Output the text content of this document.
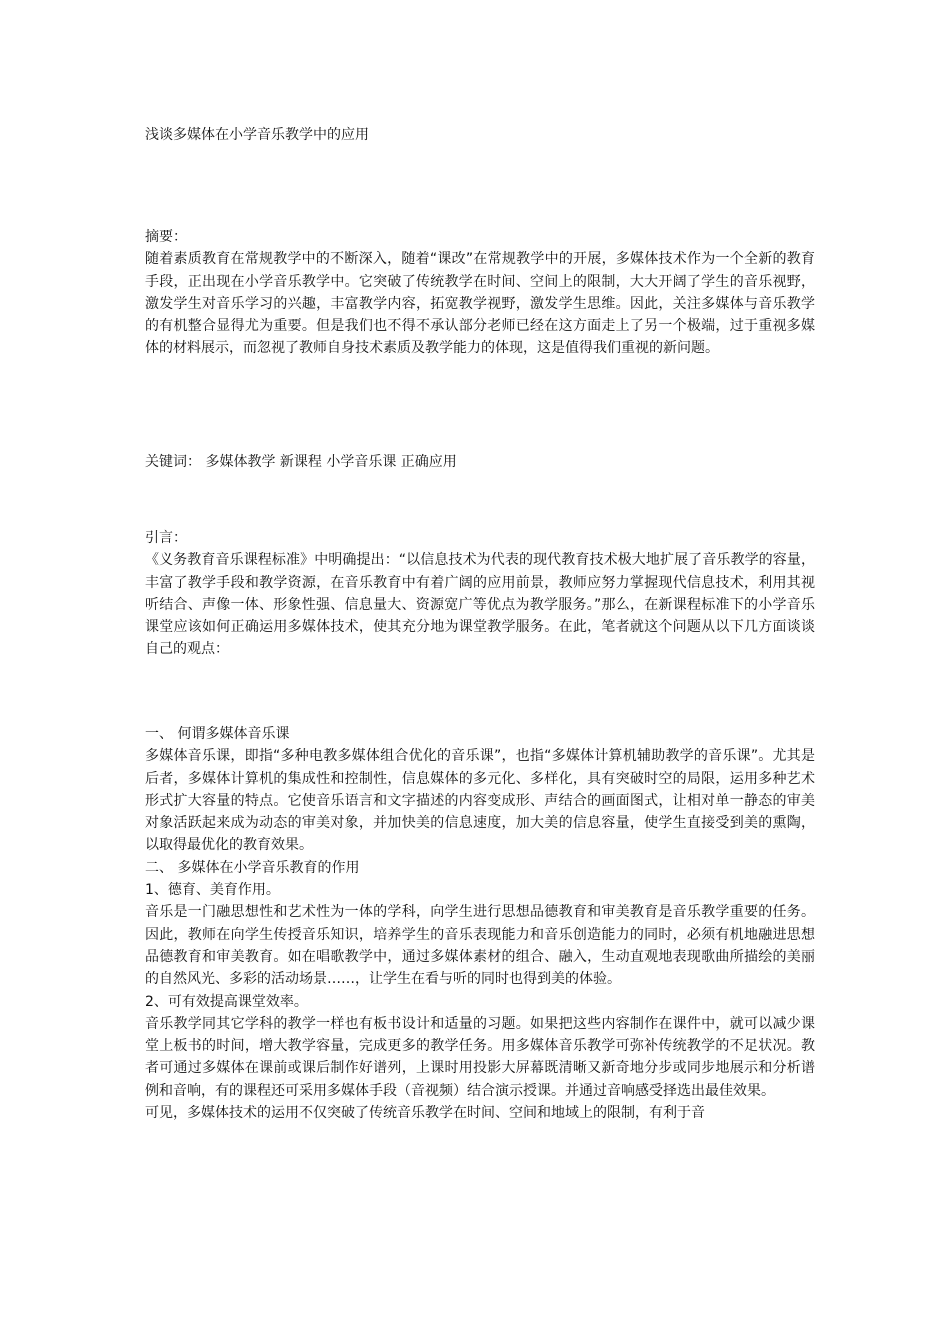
浅谈多媒体在小学音乐教学中的应用
摘要：
随着素质教育在常规教学中的不断深入，随着“课改”在常规教学中的开展，多媒体技术作为一个全新的教育手段，正出现在小学音乐教学中。它突破了传统教学在时间、空间上的限制，大大开阔了学生的音乐视野，激发学生对音乐学习的兴趣，丰富教学内容，拓宽教学视野，激发学生思维。因此，关注多媒体与音乐教学的有机整合显得尤为重要。但是我们也不得不承认部分老师已经在这方面走上了另一个极端，过于重视多媒体的材料展示，而忽视了教师自身技术素质及教学能力的体现，这是值得我们重视的新问题。
关键词： 多媒体教学 新课程 小学音乐课 正确应用
引言：
《义务教育音乐课程标准》中明确提出：“以信息技术为代表的现代教育技术极大地扩展了音乐教学的容量，丰富了教学手段和教学资源，在音乐教育中有着广阔的应用前景，教师应努力掌握现代信息技术，利用其视听结合、声像一体、形象性强、信息量大、资源宽广等优点为教学服务。”那么，在新课程标准下的小学音乐课堂应该如何正确运用多媒体技术，使其充分地为课堂教学服务。在此，笔者就这个问题从以下几方面谈谈自己的观点：
一、 何谓多媒体音乐课
多媒体音乐课，即指“多种电教多媒体组合优化的音乐课”，也指“多媒体计算机辅助教学的音乐课”。尤其是后者，多媒体计算机的集成性和控制性，信息媒体的多元化、多样化，具有突破时空的局限，运用多种艺术形式扩大容量的特点。它使音乐语言和文字描述的内容变成形、声结合的画面图式，让相对单一静态的审美对象活跃起来成为动态的审美对象，并加快美的信息速度，加大美的信息容量，使学生直接受到美的熏陶，以取得最优化的教育效果。
二、 多媒体在小学音乐教育的作用
1、德育、美育作用。
音乐是一门融思想性和艺术性为一体的学科，向学生进行思想品德教育和审美教育是音乐教学重要的任务。因此，教师在向学生传授音乐知识，培养学生的音乐表现能力和音乐创造能力的同时，必须有机地融进思想品德教育和审美教育。如在唱歌教学中，通过多媒体素材的组合、融入，生动直观地表现歌曲所描绘的美丽的自然风光、多彩的活动场景……，让学生在看与听的同时也得到美的体验。
2、可有效提高课堂效率。
音乐教学同其它学科的教学一样也有板书设计和适量的习题。如果把这些内容制作在课件中，就可以减少课堂上板书的时间，增大教学容量，完成更多的教学任务。用多媒体音乐教学可弥补传统教学的不足状况。教者可通过多媒体在课前或课后制作好谱列，上课时用投影大屏幕既清晰又新奇地分步或同步地展示和分析谱例和音响，有的课程还可采用多媒体手段（音视频）结合演示授课。并通过音响感受择选出最佳效果。
可见，多媒体技术的运用不仅突破了传统音乐教学在时间、空间和地域上的限制，有利于音
